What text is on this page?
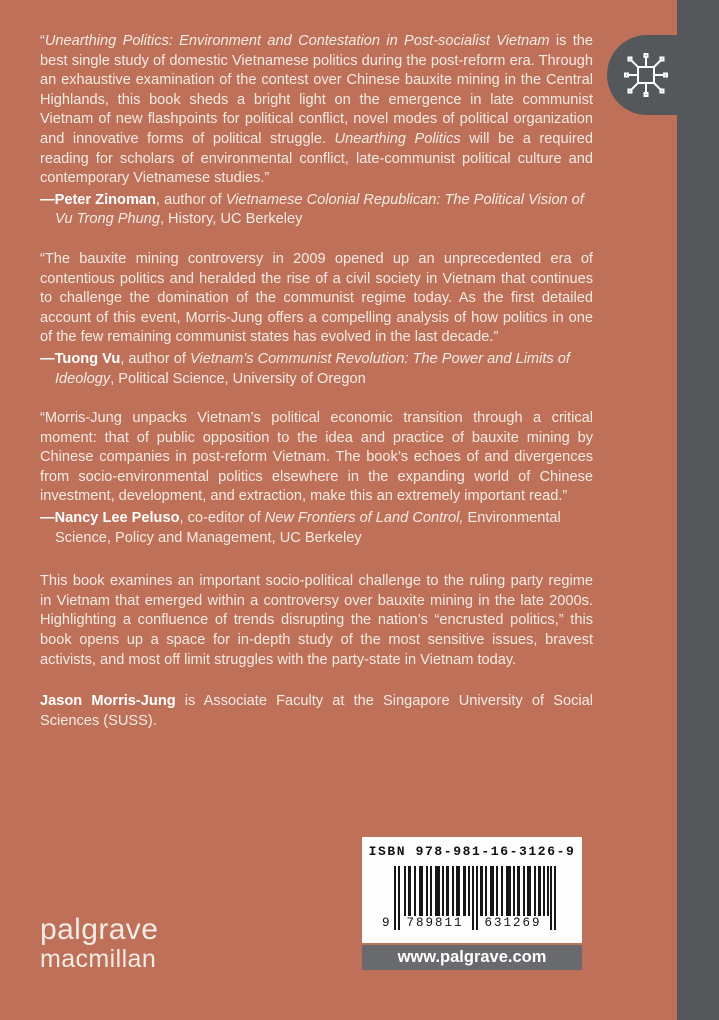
“Unearthing Politics: Environment and Contestation in Post-socialist Vietnam is the best single study of domestic Vietnamese politics during the post-reform era. Through an exhaustive examination of the contest over Chinese bauxite mining in the Central Highlands, this book sheds a bright light on the emergence in late communist Vietnam of new flashpoints for political conflict, novel modes of political organization and innovative forms of political struggle. Unearthing Politics will be a required reading for scholars of environmental conflict, late-communist political culture and contemporary Vietnamese studies.”

—Peter Zinoman, author of Vietnamese Colonial Republican: The Political Vision of Vu Trong Phung, History, UC Berkeley

“The bauxite mining controversy in 2009 opened up an unprecedented era of contentious politics and heralded the rise of a civil society in Vietnam that continues to challenge the domination of the communist regime today. As the first detailed account of this event, Morris-Jung offers a compelling analysis of how politics in one of the few remaining communist states has evolved in the last decade.”

—Tuong Vu, author of Vietnam’s Communist Revolution: The Power and Limits of Ideology, Political Science, University of Oregon

“Morris-Jung unpacks Vietnam’s political economic transition through a critical moment: that of public opposition to the idea and practice of bauxite mining by Chinese companies in post-reform Vietnam. The book’s echoes of and divergences from socio-environmental politics elsewhere in the expanding world of Chinese investment, development, and extraction, make this an extremely important read.”

—Nancy Lee Peluso, co-editor of New Frontiers of Land Control, Environmental Science, Policy and Management, UC Berkeley

This book examines an important socio-political challenge to the ruling party regime in Vietnam that emerged within a controversy over bauxite mining in the late 2000s. Highlighting a confluence of trends disrupting the nation’s “encrusted politics,” this book opens up a space for in-depth study of the most sensitive issues, bravest activists, and most off limit struggles with the party-state in Vietnam today.

Jason Morris-Jung is Associate Faculty at the Singapore University of Social Sciences (SUSS).

ISBN 978-981-16-3126-9
9	789811	631269
www.palgrave.com
palgrave
macmillan
